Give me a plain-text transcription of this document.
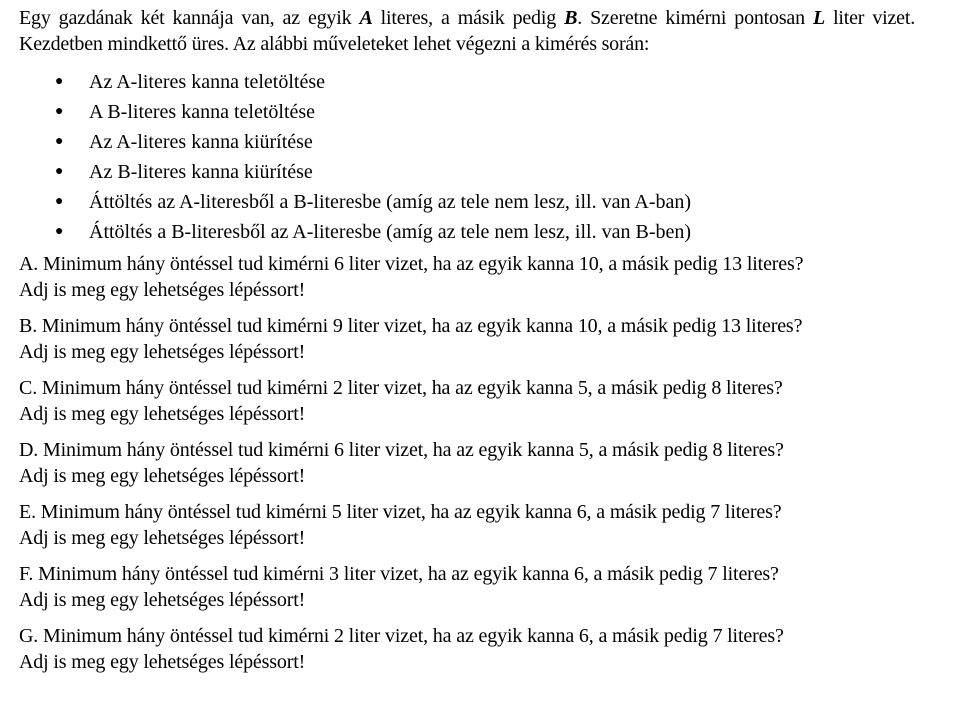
Egy gazdának két kannája van, az egyik A literes, a másik pedig B. Szeretne kimérni pontosan L liter vizet. Kezdetben mindkettő üres. Az alábbi műveleteket lehet végezni a kimérés során:

● Az A-literes kanna teletöltése
● A B-literes kanna teletöltése
● Az A-literes kanna kiürítése
● Az B-literes kanna kiürítése
● Áttöltés az A-literesből a B-literesbe (amíg az tele nem lesz, ill. van A-ban)
● Áttöltés a B-literesből az A-literesbe (amíg az tele nem lesz, ill. van B-ben)

A. Minimum hány öntéssel tud kimérni 6 liter vizet, ha az egyik kanna 10, a másik pedig 13 literes?
Adj is meg egy lehetséges lépéssort!

B. Minimum hány öntéssel tud kimérni 9 liter vizet, ha az egyik kanna 10, a másik pedig 13 literes?
Adj is meg egy lehetséges lépéssort!

C. Minimum hány öntéssel tud kimérni 2 liter vizet, ha az egyik kanna 5, a másik pedig 8 literes?
Adj is meg egy lehetséges lépéssort!

D. Minimum hány öntéssel tud kimérni 6 liter vizet, ha az egyik kanna 5, a másik pedig 8 literes?
Adj is meg egy lehetséges lépéssort!

E. Minimum hány öntéssel tud kimérni 5 liter vizet, ha az egyik kanna 6, a másik pedig 7 literes?
Adj is meg egy lehetséges lépéssort!

F. Minimum hány öntéssel tud kimérni 3 liter vizet, ha az egyik kanna 6, a másik pedig 7 literes?
Adj is meg egy lehetséges lépéssort!

G. Minimum hány öntéssel tud kimérni 2 liter vizet, ha az egyik kanna 6, a másik pedig 7 literes?
Adj is meg egy lehetséges lépéssort!
